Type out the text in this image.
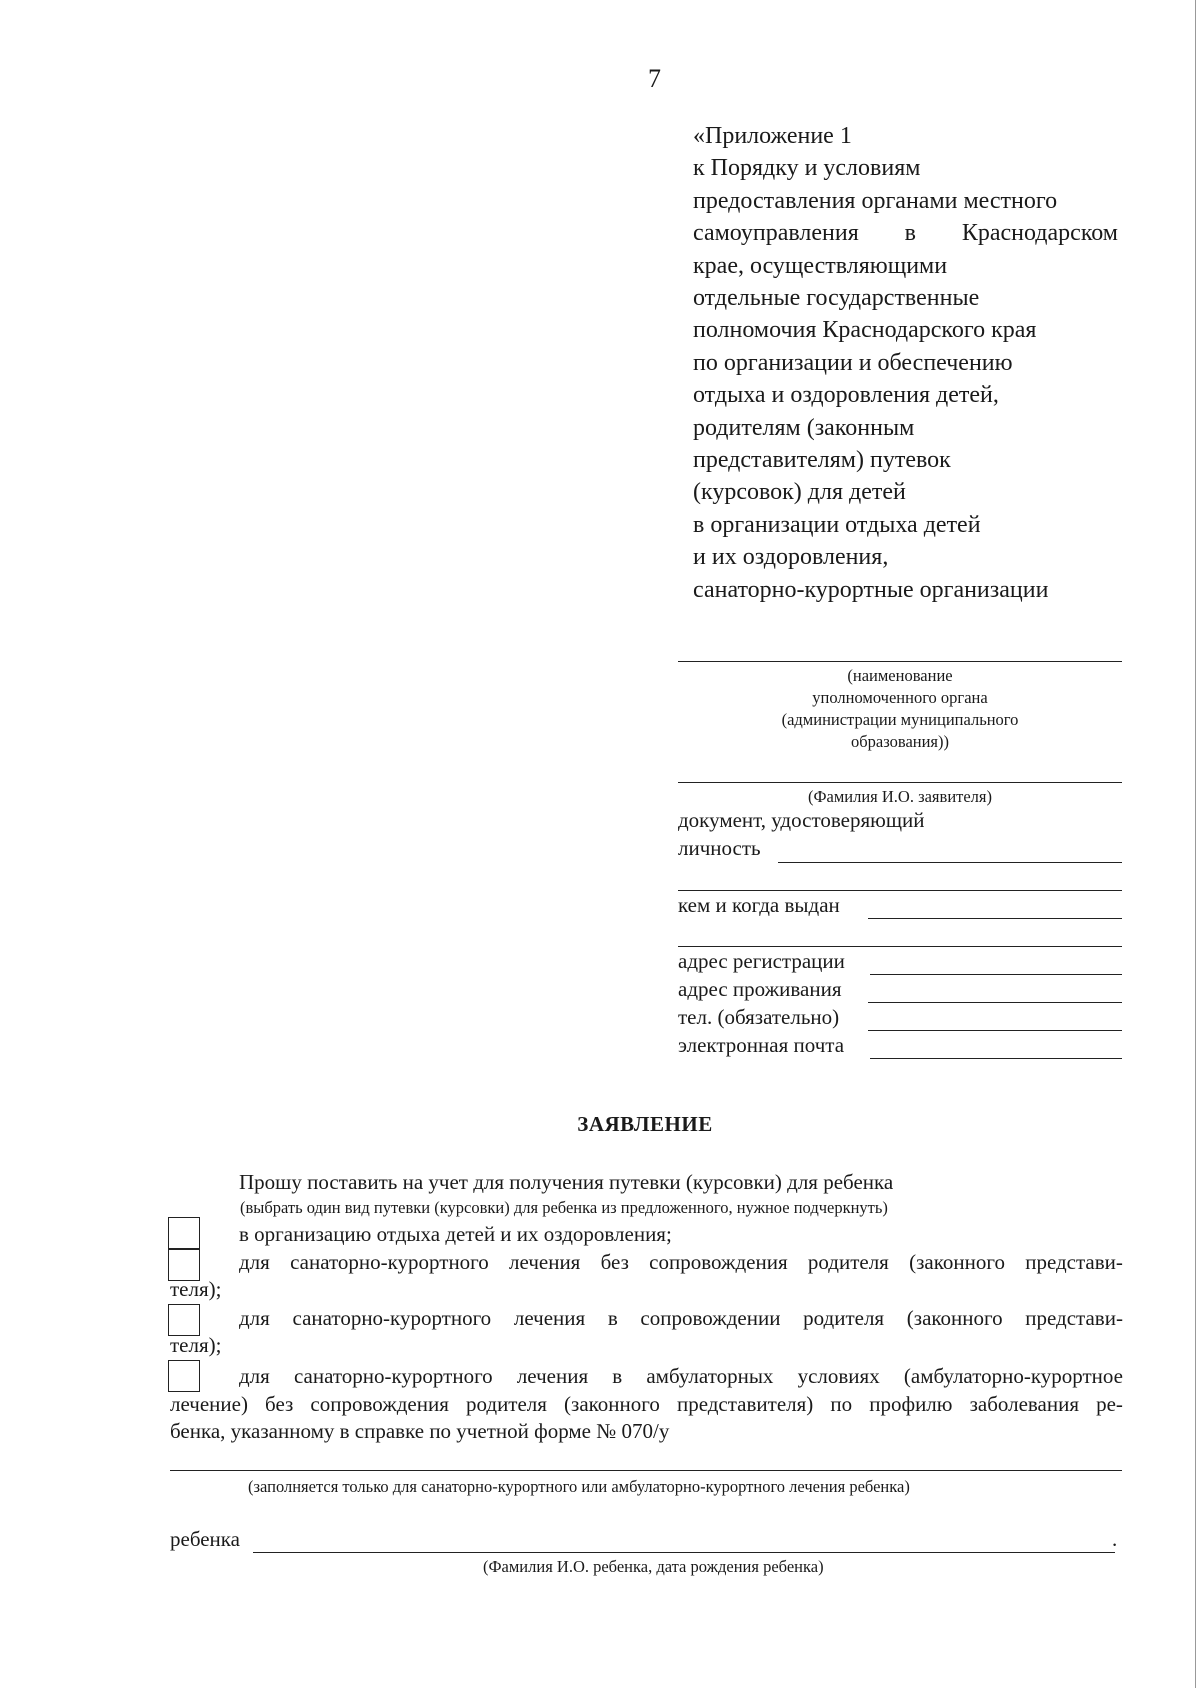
7
«Приложение 1
к Порядку и условиям
предоставления органами местного
самоуправления в Краснодарском
крае, осуществляющими
отдельные государственные
полномочия Краснодарского края
по организации и обеспечению
отдыха и оздоровления детей,
родителям (законным
представителям) путевок
(курсовок) для детей
в организации отдыха детей
и их оздоровления,
санаторно-курортные организации
(наименование
уполномоченного органа
(администрации муниципального
образования))
(Фамилия И.О. заявителя)
документ, удостоверяющий
личность
кем и когда выдан
адрес регистрации
адрес проживания
тел. (обязательно)
электронная почта
ЗАЯВЛЕНИЕ
Прошу поставить на учет для получения путевки (курсовки) для ребенка
(выбрать один вид путевки (курсовки) для ребенка из предложенного, нужное подчеркнуть)
в организацию отдыха детей и их оздоровления;
для санаторно-курортного лечения без сопровождения родителя (законного представи-
теля);
для санаторно-курортного лечения в сопровождении родителя (законного представи-
теля);
для санаторно-курортного лечения в амбулаторных условиях (амбулаторно-курортное
лечение) без сопровождения родителя (законного представителя) по профилю заболевания ре-
бенка, указанному в справке по учетной форме № 070/у
(заполняется только для санаторно-курортного или амбулаторно-курортного лечения ребенка)
ребенка	.
(Фамилия И.О. ребенка, дата рождения ребенка)
